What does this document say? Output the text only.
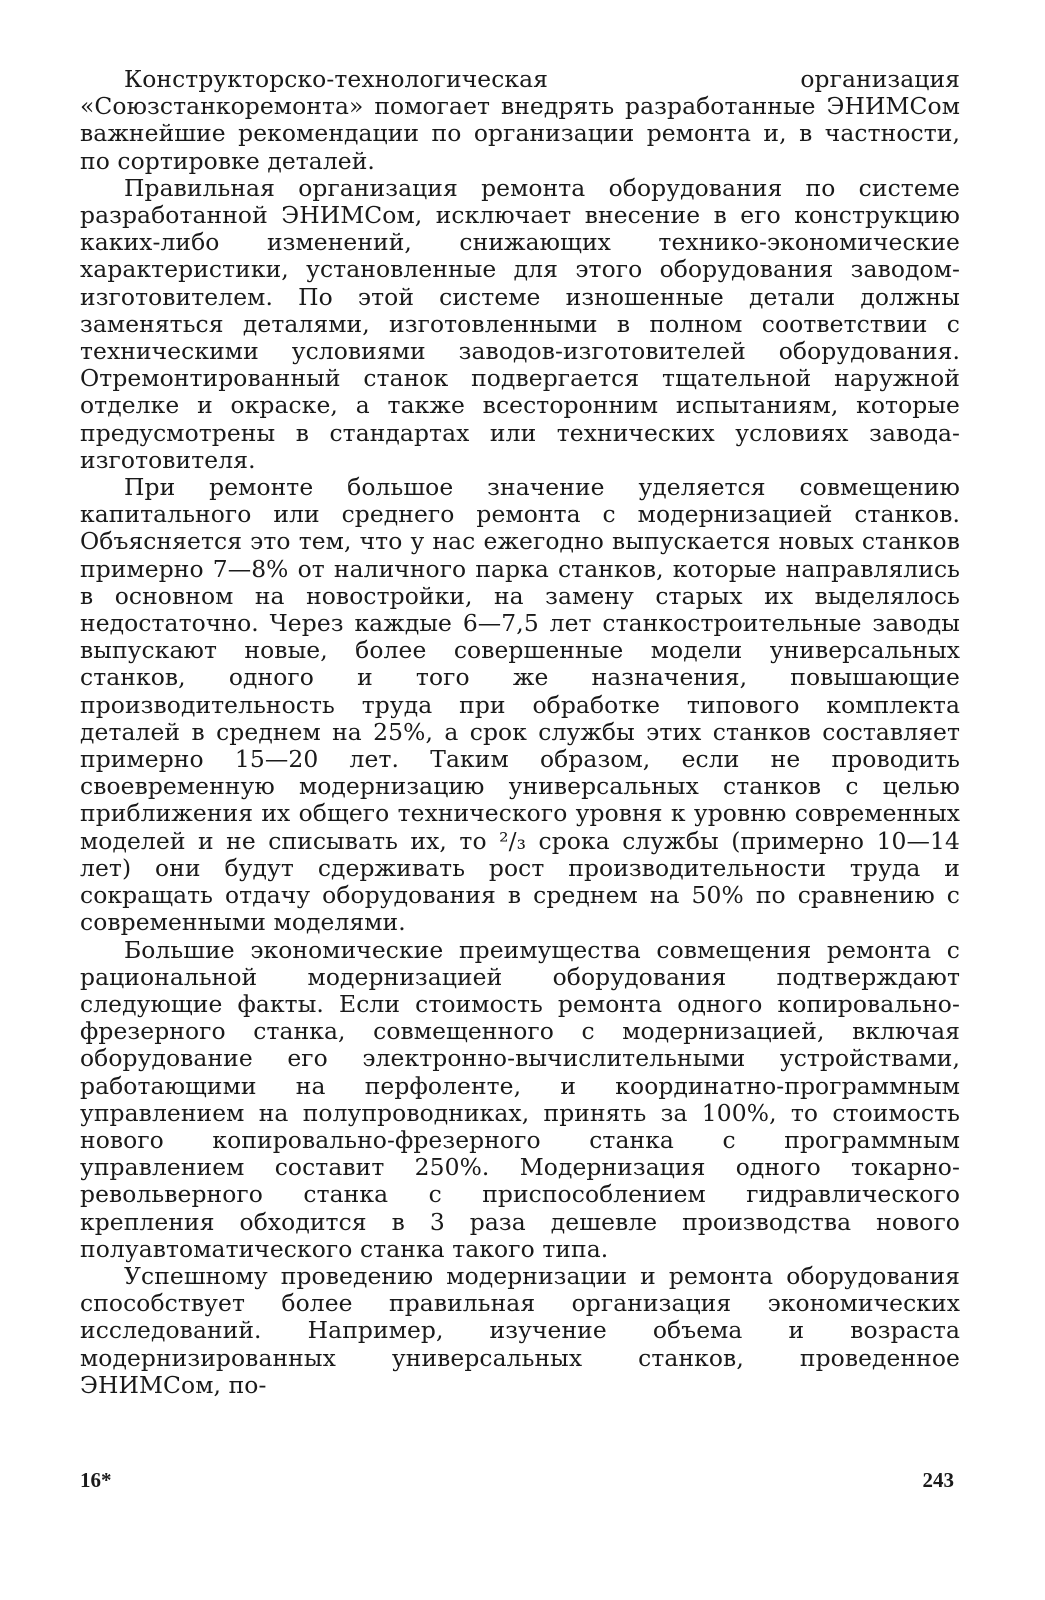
Конструкторско-технологическая организация «Союзстанкоремонта» помогает внедрять разработанные ЭНИМСом важнейшие рекомендации по организации ремонта и, в частности, по сортировке деталей.

Правильная организация ремонта оборудования по системе разработанной ЭНИМСом, исключает внесение в его конструкцию каких-либо изменений, снижающих технико-экономические характеристики, установленные для этого оборудования заводом-изготовителем. По этой системе изношенные детали должны заменяться деталями, изготовленными в полном соответствии с техническими условиями заводов-изготовителей оборудования. Отремонтированный станок подвергается тщательной наружной отделке и окраске, а также всесторонним испытаниям, которые предусмотрены в стандартах или технических условиях завода-изготовителя.

При ремонте большое значение уделяется совмещению капитального или среднего ремонта с модернизацией станков. Объясняется это тем, что у нас ежегодно выпускается новых станков примерно 7—8% от наличного парка станков, которые направлялись в основном на новостройки, на замену старых их выделялось недостаточно. Через каждые 6—7,5 лет станкостроительные заводы выпускают новые, более совершенные модели универсальных станков, одного и того же назначения, повышающие производительность труда при обработке типового комплекта деталей в среднем на 25%, а срок службы этих станков составляет примерно 15—20 лет. Таким образом, если не проводить своевременную модернизацию универсальных станков с целью приближения их общего технического уровня к уровню современных моделей и не списывать их, то ²/₃ срока службы (примерно 10—14 лет) они будут сдерживать рост производительности труда и сокращать отдачу оборудования в среднем на 50% по сравнению с современными моделями.

Большие экономические преимущества совмещения ремонта с рациональной модернизацией оборудования подтверждают следующие факты. Если стоимость ремонта одного копировально-фрезерного станка, совмещенного с модернизацией, включая оборудование его электронно-вычислительными устройствами, работающими на перфоленте, и координатно-программным управлением на полупроводниках, принять за 100%, то стоимость нового копировально-фрезерного станка с программным управлением составит 250%. Модернизация одного токарно-револьверного станка с приспособлением гидравлического крепления обходится в 3 раза дешевле производства нового полуавтоматического станка такого типа.

Успешному проведению модернизации и ремонта оборудования способствует более правильная организация экономических исследований. Например, изучение объема и возраста модернизированных универсальных станков, проведенное ЭНИМСом, по-

16*	243
